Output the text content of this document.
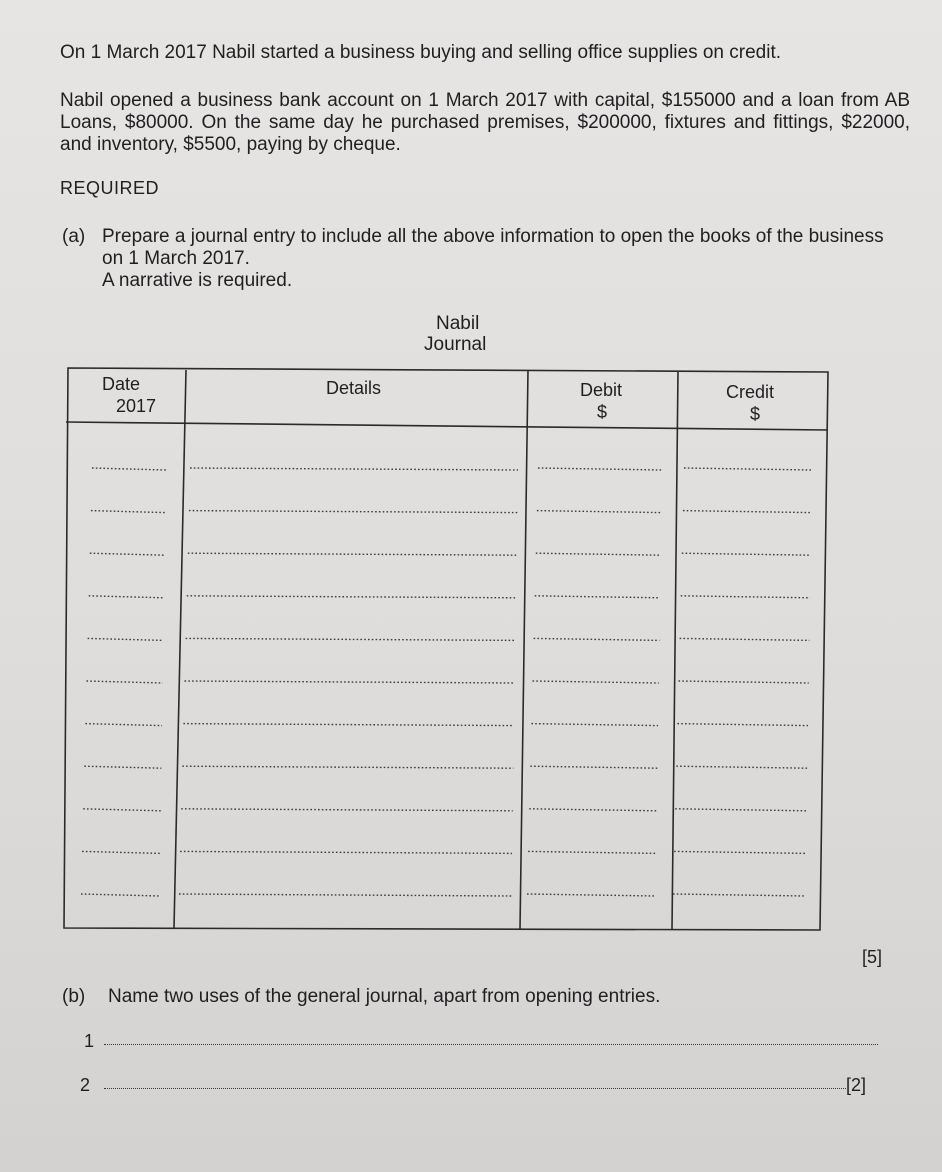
On 1 March 2017 Nabil started a business buying and selling office supplies on credit.

Nabil opened a business bank account on 1 March 2017 with capital, $155000 and a loan from AB Loans, $80000. On the same day he purchased premises, $200000, fixtures and fittings, $22000, and inventory, $5500, paying by cheque.

REQUIRED

(a) Prepare a journal entry to include all the above information to open the books of the business
on 1 March 2017.
A narrative is required.

Nabil

Journal

Date
2017
Details	Debit
$
Credit
$

[5]

(b) Name two uses of the general journal, apart from opening entries.

1

2	[2]
